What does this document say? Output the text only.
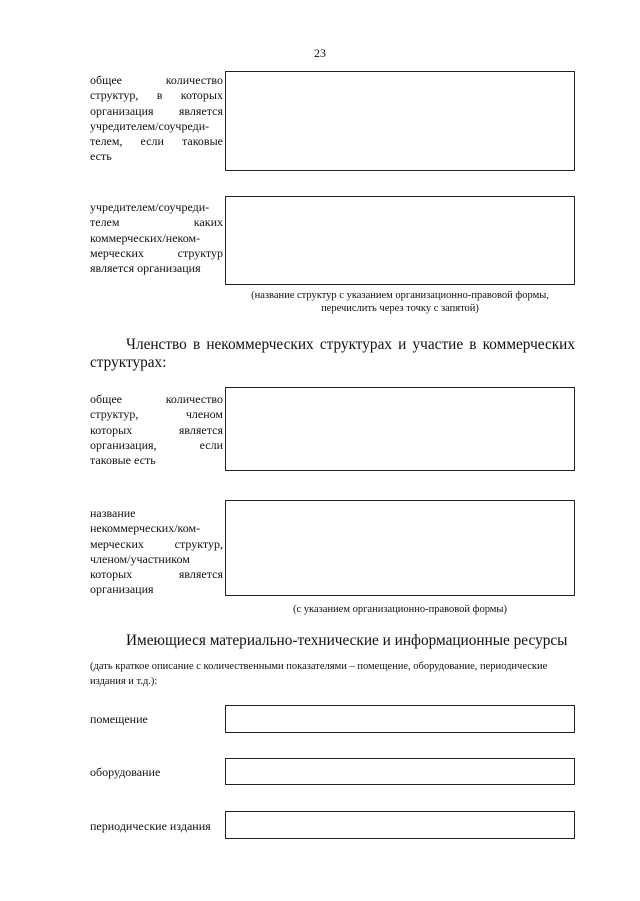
23
общее количество
структур, в которых
организация является
учредителем/соучреди-
телем, если таковые
есть
учредителем/соучреди-
телем каких
коммерческих/неком-
мерческих структур
является организация
(название структур с указанием организационно-правовой формы,
перечислить через точку с запятой)
Членство в некоммерческих структурах и участие в коммерческих структурах:
общее количество
структур, членом
которых является
организация, если
таковые есть
название
некоммерческих/ком-
мерческих структур,
членом/участником
которых является
организация
(с указанием организационно-правовой формы)
Имеющиеся материально-технические и информационные ресурсы
(дать краткое описание с количественными показателями – помещение, оборудование, периодические издания и т.д.):
помещение
оборудование
периодические издания
